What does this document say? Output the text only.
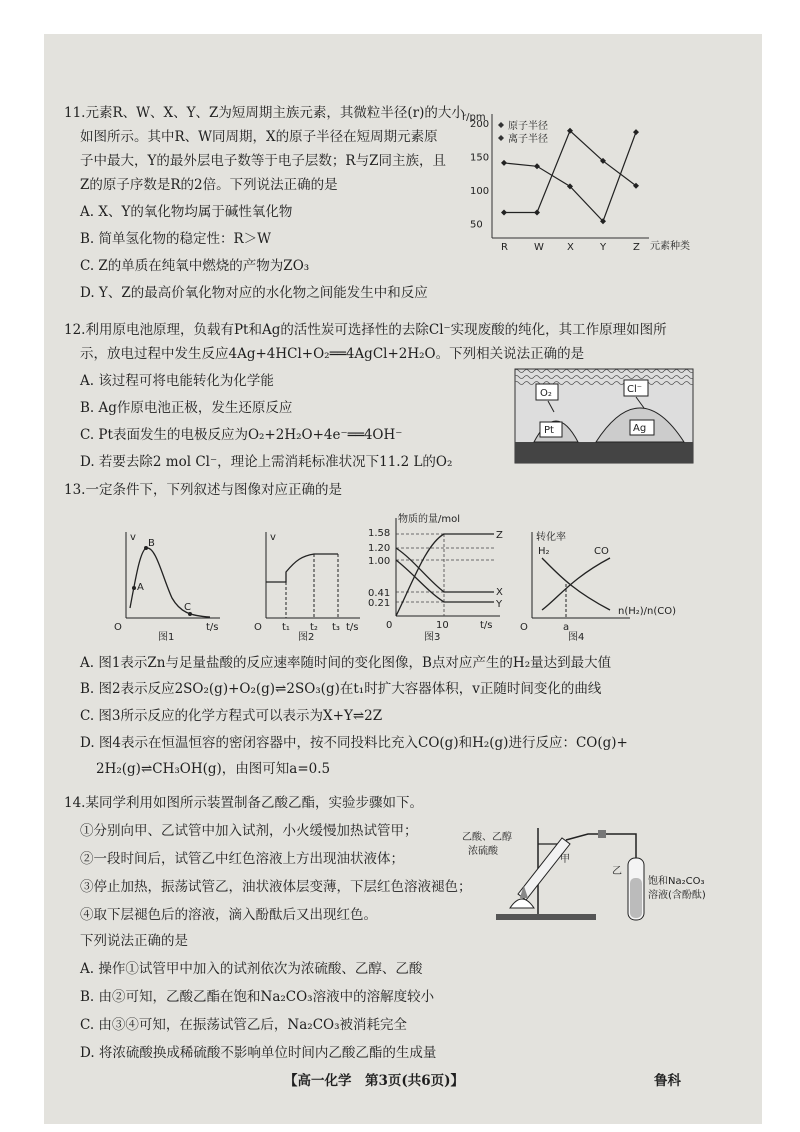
11.元素R、W、X、Y、Z为短周期主族元素，其微粒半径(r)的大小
如图所示。其中R、W同周期，X的原子半径在短周期元素原
子中最大，Y的最外层电子数等于电子层数；R与Z同主族，且
Z的原子序数是R的2倍。下列说法正确的是
A. X、Y的氧化物均属于碱性氧化物
B. 简单氢化物的稳定性：R＞W
C. Z的单质在纯氧中燃烧的产物为ZO₃
D. Y、Z的最高价氧化物对应的水化物之间能发生中和反应
r/pm
元素种类
50
100
150
200
R	W X	Y	Z
原子半径
离子半径
12.利用原电池原理，负载有Pt和Ag的活性炭可选择性的去除Cl⁻实现废酸的纯化，其工作原理如图所
示，放电过程中发生反应4Ag+4HCl+O₂══4AgCl+2H₂O。下列相关说法正确的是
A. 该过程可将电能转化为化学能
B. Ag作原电池正极，发生还原反应
C. Pt表面发生的电极反应为O₂+2H₂O+4e⁻══4OH⁻
D. 若要去除2 mol Cl⁻，理论上需消耗标准状况下11.2 L的O₂
O₂	Cl⁻
Pt	Ag
13.一定条件下，下列叙述与图像对应正确的是
v
t/s
O
A
B
C
图1
v
t/s
O t₁ t₂ t₃
图2
物质的量/mol
t/s
0	10
1.58
1.20
1.00
0.41
0.21
Z
X
Y
图3
转化率
n(H₂)/n(CO)
O
H₂	CO
a
图4
A. 图1表示Zn与足量盐酸的反应速率随时间的变化图像，B点对应产生的H₂量达到最大值
B. 图2表示反应2SO₂(g)+O₂(g)⇌2SO₃(g)在t₁时扩大容器体积，v正随时间变化的曲线
C. 图3所示反应的化学方程式可以表示为X+Y⇌2Z
D. 图4表示在恒温恒容的密闭容器中，按不同投料比充入CO(g)和H₂(g)进行反应：CO(g)+
2H₂(g)⇌CH₃OH(g)，由图可知a=0.5
14.某同学利用如图所示装置制备乙酸乙酯，实验步骤如下。
①分别向甲、乙试管中加入试剂，小火缓慢加热试管甲；
②一段时间后，试管乙中红色溶液上方出现油状液体；
③停止加热，振荡试管乙，油状液体层变薄，下层红色溶液褪色；
④取下层褪色后的溶液，滴入酚酞后又出现红色。
下列说法正确的是
A. 操作①试管甲中加入的试剂依次为浓硫酸、乙醇、乙酸
B. 由②可知，乙酸乙酯在饱和Na₂CO₃溶液中的溶解度较小
C. 由③④可知，在振荡试管乙后，Na₂CO₃被消耗完全
D. 将浓硫酸换成稀硫酸不影响单位时间内乙酸乙酯的生成量
乙酸、乙醇
浓硫酸
甲
乙
饱和Na₂CO₃
溶液(含酚酞)
【高一化学　第3页(共6页)】	鲁科
